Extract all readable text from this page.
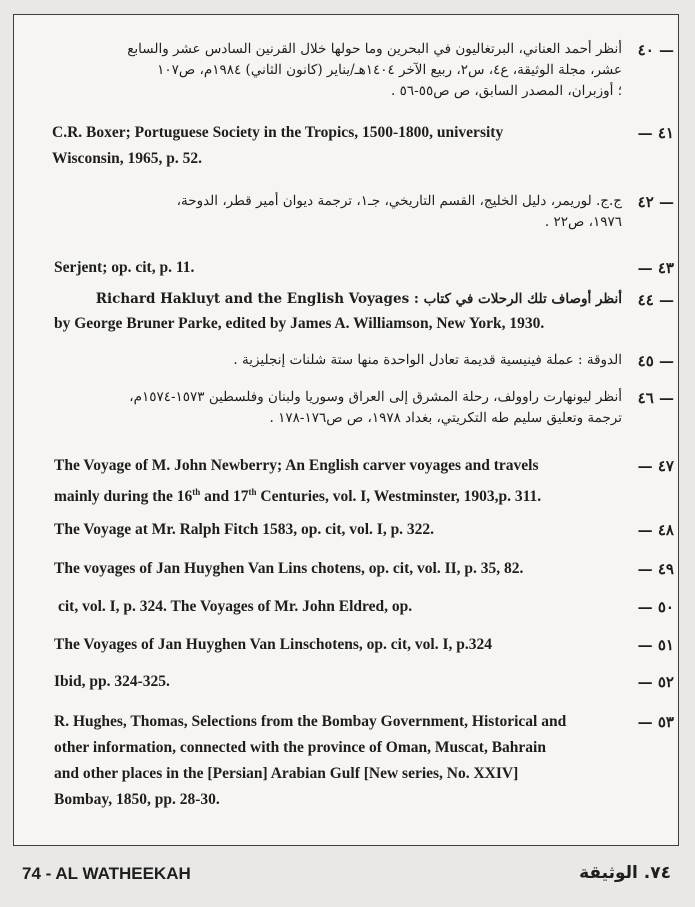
٤٠ —
أنظر أحمد العناني، البرتغاليون في البحرين وما حولها خلال القرنين السادس عشر والسابع
عشر، مجلة الوثيقة، ع٤، س٢، ربيع الآخر ١٤٠٤هـ/يناير (كانون الثاني) ١٩٨٤م، ص١٠٧
؛ أوزبران، المصدر السابق، ص ص٥٥-٥٦ .
— ٤١
C.R. Boxer; Portuguese Society in the Tropics, 1500-1800, university
Wisconsin, 1965, p. 52.
٤٢ —
ج.ج. لوريمر، دليل الخليج، القسم التاريخي، جـ١، ترجمة ديوان أمير قطر، الدوحة،
١٩٧٦، ص٢٢ .
— ٤٣
Serjent; op. cit, p. 11.
٤٤ —
أنظر أوصاف تلك الرحلات في كتاب : Richard Hakluyt and the English Voyages
by George Bruner Parke, edited by James A. Williamson, New York, 1930.
٤٥ —
الدوقة : عملة فينيسية قديمة تعادل الواحدة منها ستة شلنات إنجليزية .
٤٦ —
أنظر ليونهارت راوولف، رحلة المشرق إلى العراق وسوريا ولبنان وفلسطين ١٥٧٣-١٥٧٤م،
ترجمة وتعليق سليم طه التكريتي، بغداد ١٩٧٨، ص ص١٧٦-١٧٨ .
— ٤٧
The Voyage of M. John Newberry; An English carver voyages and travels
mainly during the 16th and 17th Centuries, vol. I, Westminster, 1903,p. 311.
— ٤٨
The Voyage at Mr. Ralph Fitch 1583, op. cit, vol. I, p. 322.
— ٤٩
The voyages of Jan Huyghen Van Lins chotens, op. cit, vol. II, p. 35, 82.
— ٥٠
cit, vol. I, p. 324. The Voyages of Mr. John Eldred, op.
— ٥١
The Voyages of Jan Huyghen Van Linschotens, op. cit, vol. I, p.324
— ٥٢
Ibid, pp. 324-325.
— ٥٣
R. Hughes, Thomas, Selections from the Bombay Government, Historical and
other information, connected with the province of Oman, Muscat, Bahrain
and other places in the [Persian] Arabian Gulf [New series, No. XXIV]
Bombay, 1850, pp. 28-30.
74 - AL WATHEEKAH	٧٤. الوثيقة
